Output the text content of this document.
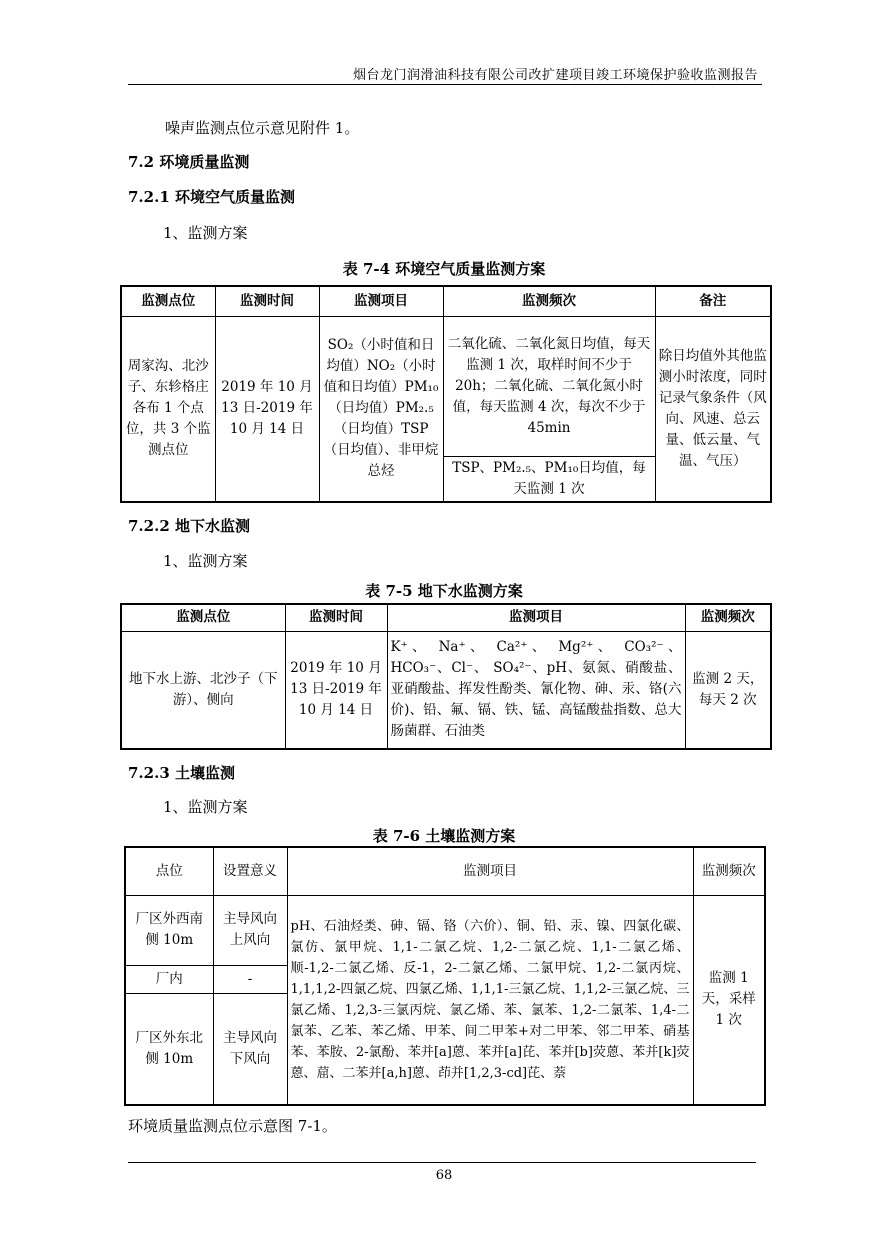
烟台龙门润滑油科技有限公司改扩建项目竣工环境保护验收监测报告
噪声监测点位示意见附件 1。
7.2 环境质量监测
7.2.1 环境空气质量监测
1、监测方案
表 7-4 环境空气质量监测方案
监测点位	监测时间	监测项目	监测频次	备注
周家沟、北沙子、东轸格庄各布 1 个点位，共 3 个监测点位	2019 年 10 月 13 日-2019 年 10 月 14 日	SO₂（小时值和日均值）NO₂（小时值和日均值）PM₁₀（日均值）PM₂.₅（日均值）TSP（日均值）、非甲烷总烃	二氧化硫、二氧化氮日均值，每天监测 1 次，取样时间不少于 20h；二氧化硫、二氧化氮小时值，每天监测 4 次，每次不少于 45min	除日均值外其他监测小时浓度，同时记录气象条件（风向、风速、总云量、低云量、气温、气压）
			TSP、PM₂.₅、PM₁₀日均值，每天监测 1 次	
7.2.2 地下水监测
1、监测方案
表 7-5 地下水监测方案
监测点位	监测时间	监测项目	监测频次
地下水上游、北沙子（下游）、侧向	2019 年 10 月 13 日-2019 年 10 月 14 日	K⁺、 Na⁺、 Ca²⁺、 Mg²⁺、 CO₃²⁻、 HCO₃⁻、Cl⁻、 SO₄²⁻、pH、氨氮、硝酸盐、亚硝酸盐、挥发性酚类、氰化物、砷、汞、铬(六价)、铅、氟、镉、铁、锰、高锰酸盐指数、总大肠菌群、石油类	监测 2 天，每天 2 次
7.2.3 土壤监测
1、监测方案
表 7-6 土壤监测方案
点位	设置意义	监测项目	监测频次
厂区外西南侧 10m	主导风向上风向	pH、石油烃类、砷、镉、铬（六价）、铜、铅、汞、镍、四氯化碳、氯仿、氯甲烷、1,1-二氯乙烷、1,2-二氯乙烷、1,1-二氯乙烯、顺-1,2-二氯乙烯、反-1，2-二氯乙烯、二氯甲烷、1,2-二氯丙烷、1,1,1,2-四氯乙烷、四氯乙烯、1,1,1-三氯乙烷、1,1,2-三氯乙烷、三氯乙烯、1,2,3-三氯丙烷、氯乙烯、苯、氯苯、1,2-二氯苯、1,4-二氯苯、乙苯、苯乙烯、甲苯、间二甲苯+对二甲苯、邻二甲苯、硝基苯、苯胺、2-氯酚、苯并[a]蒽、苯并[a]芘、苯并[b]荧蒽、苯并[k]荧蒽、䓛、二苯并[a,h]蒽、茚并[1,2,3-cd]芘、萘	监测 1 天，采样 1 次
厂内	-		
厂区外东北侧 10m	主导风向下风向		
环境质量监测点位示意图 7-1。
68
